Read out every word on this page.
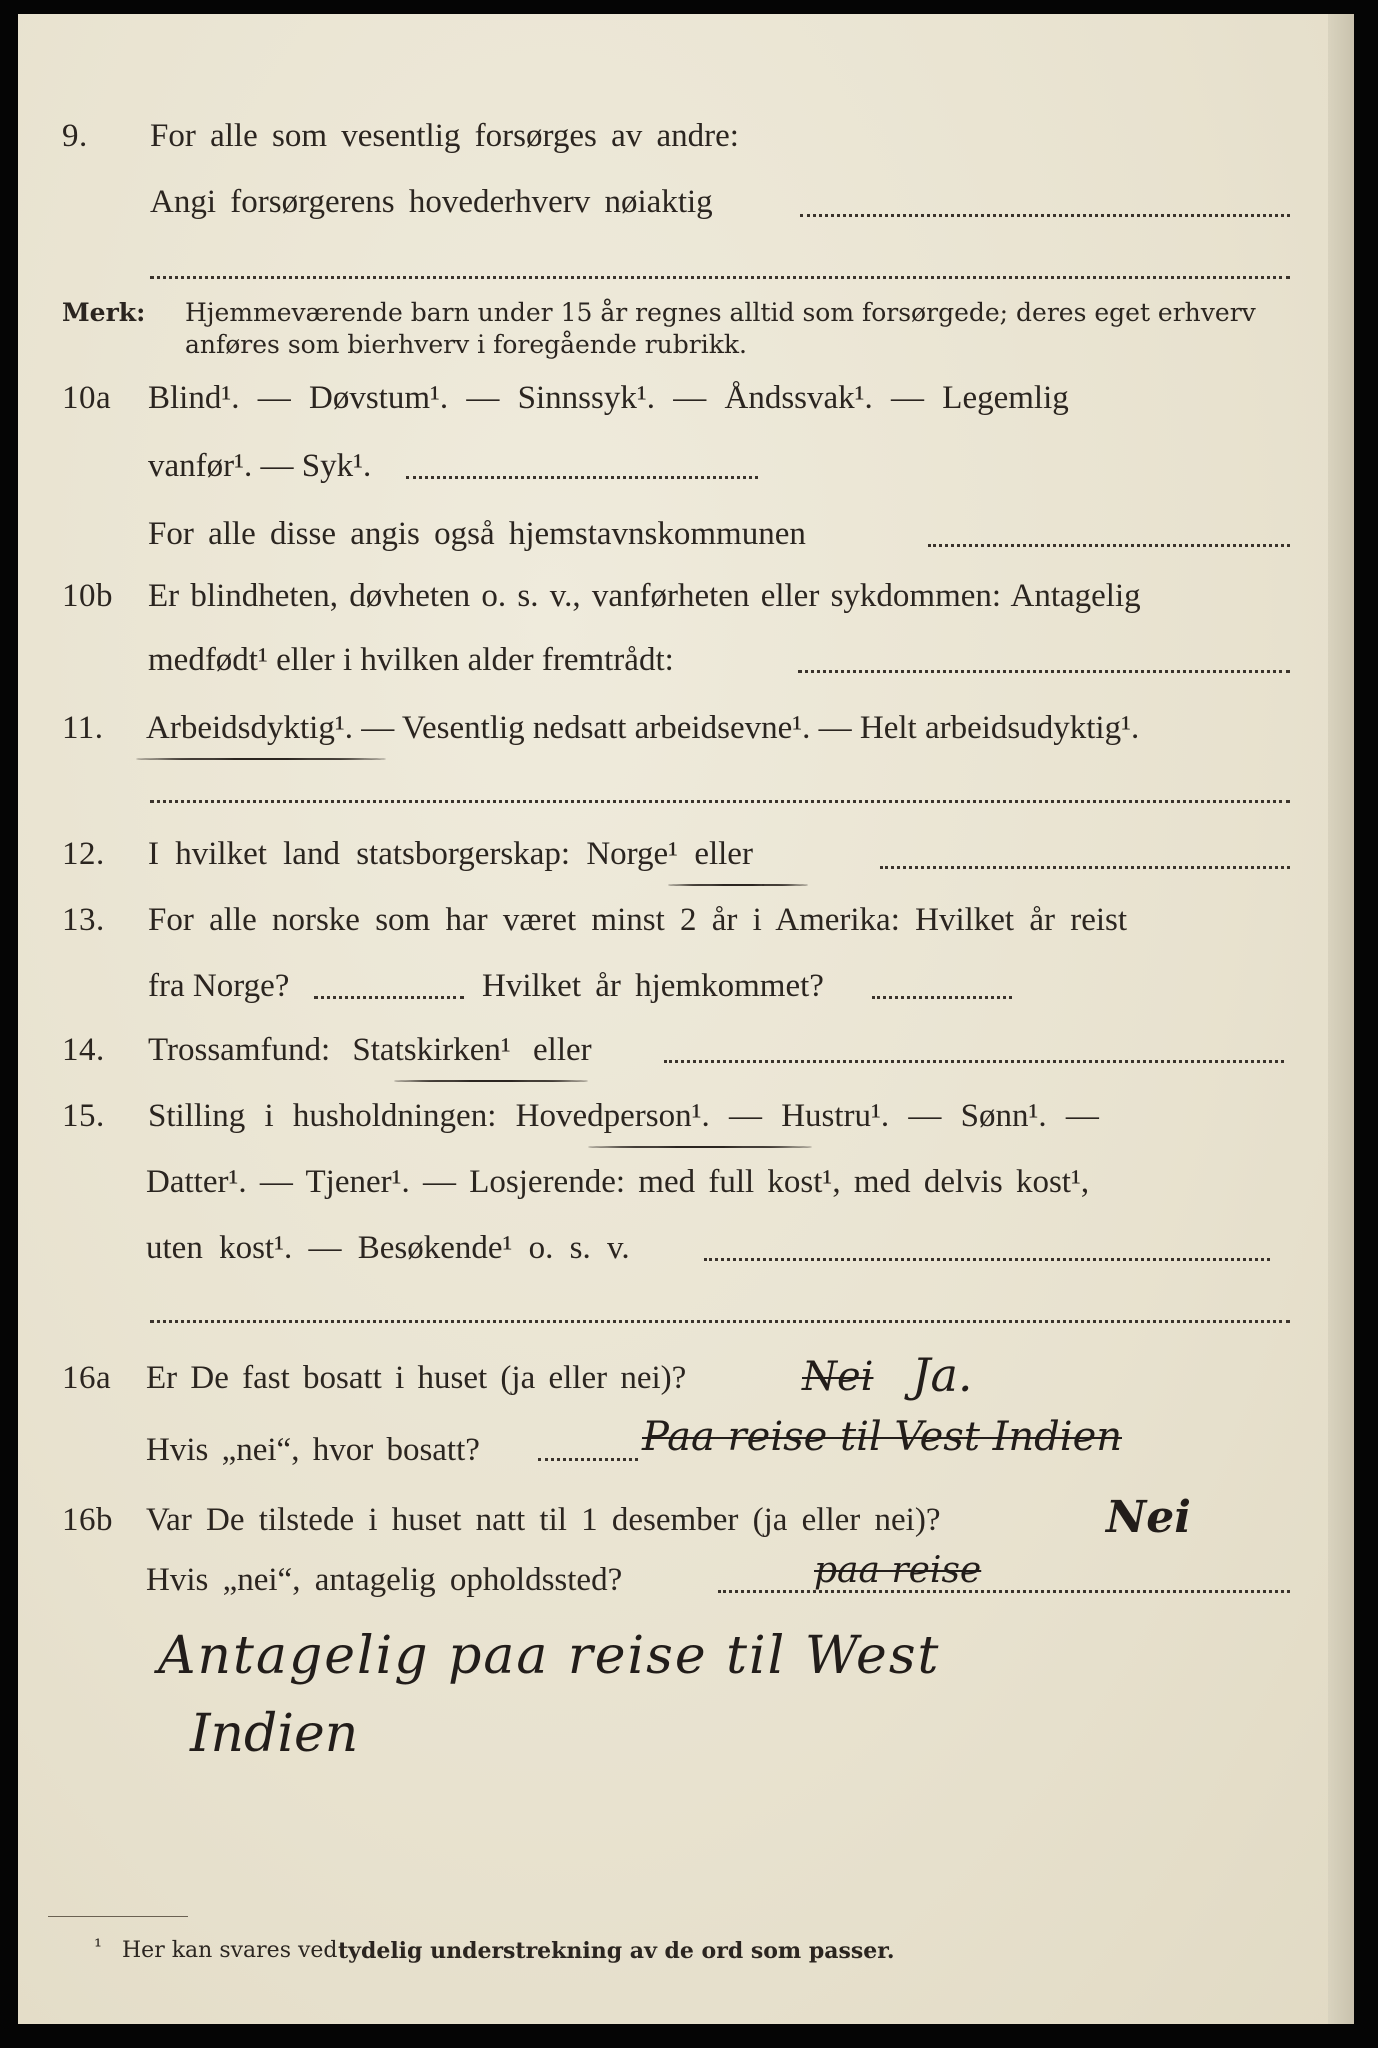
9. For alle som vesentlig forsørges av andre:
Angi forsørgerens hovederhverv nøiaktig
Merk: Hjemmeværende barn under 15 år regnes alltid som forsørgede; deres eget erhverv
anføres som bierhverv i foregående rubrikk.
10a Blind¹. — Døvstum¹. — Sinnssyk¹. — Åndssvak¹. — Legemlig
vanfør¹. — Syk¹.
For alle disse angis også hjemstavnskommunen
10b Er blindheten, døvheten o. s. v., vanførheten eller sykdommen: Antagelig
medfødt¹ eller i hvilken alder fremtrådt:
11. Arbeidsdyktig¹. — Vesentlig nedsatt arbeidsevne¹. — Helt arbeidsudyktig¹.
12. I hvilket land statsborgerskap: Norge¹ eller
13. For alle norske som har været minst 2 år i Amerika: Hvilket år reist
fra Norge?	Hvilket år hjemkommet?
14. Trossamfund: Statskirken¹ eller
15. Stilling i husholdningen: Hovedperson¹. — Hustru¹. — Sønn¹. —
Datter¹. — Tjener¹. — Losjerende: med full kost¹, med delvis kost¹,
uten kost¹. — Besøkende¹ o. s. v.
16a Er De fast bosatt i huset (ja eller nei)?	Nei Ja.
Hvis „nei“, hvor bosatt?	Paa reise til Vest Indien
16b Var De tilstede i huset natt til 1 desember (ja eller nei)?	Nei
Hvis „nei“, antagelig opholdssted?	paa reise
Antagelig paa reise til West
Indien
¹ Her kan svares ved tydelig understrekning av de ord som passer.
